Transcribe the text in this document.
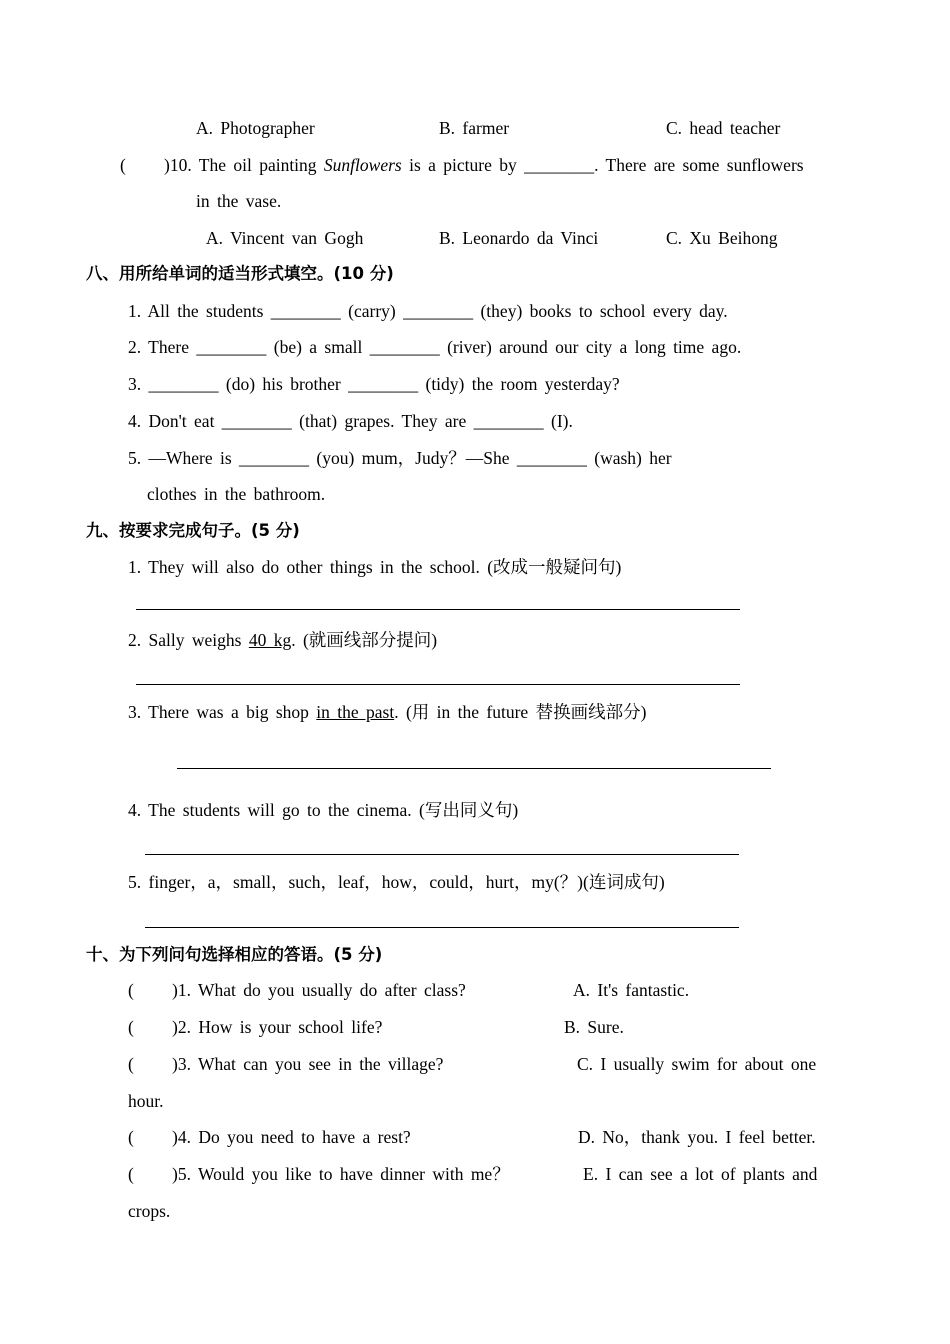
A. Photographer	B. farmer	C. head teacher
( )10. The oil painting Sunflowers is a picture by ________. There are some sunflowers
in the vase.
A. Vincent van Gogh	B. Leonardo da Vinci	C. Xu Beihong
八、用所给单词的适当形式填空。(10 分)
1. All the students ________ (carry) ________ (they) books to school every day.
2. There ________ (be) a small ________ (river) around our city a long time ago.
3. ________ (do) his brother ________ (tidy) the room yesterday?
4. Don't eat ________ (that) grapes. They are ________ (I).
5. —Where is ________ (you) mum，Judy？—She ________ (wash) her
clothes in the bathroom.
九、按要求完成句子。(5 分)
1. They will also do other things in the school. (改成一般疑问句)
2. Sally weighs 40 kg. (就画线部分提问)
3. There was a big shop in the past. (用 in the future 替换画线部分)
4. The students will go to the cinema. (写出同义句)
5. finger，a，small，such，leaf，how，could，hurt，my(？)(连词成句)
十、为下列问句选择相应的答语。(5 分)
( )1. What do you usually do after class?	A. It's fantastic.
( )2. How is your school life?	B. Sure.
( )3. What can you see in the village?	C. I usually swim for about one
hour.
( )4. Do you need to have a rest?	D. No，thank you. I feel better.
( )5. Would you like to have dinner with me？	E. I can see a lot of plants and
crops.
